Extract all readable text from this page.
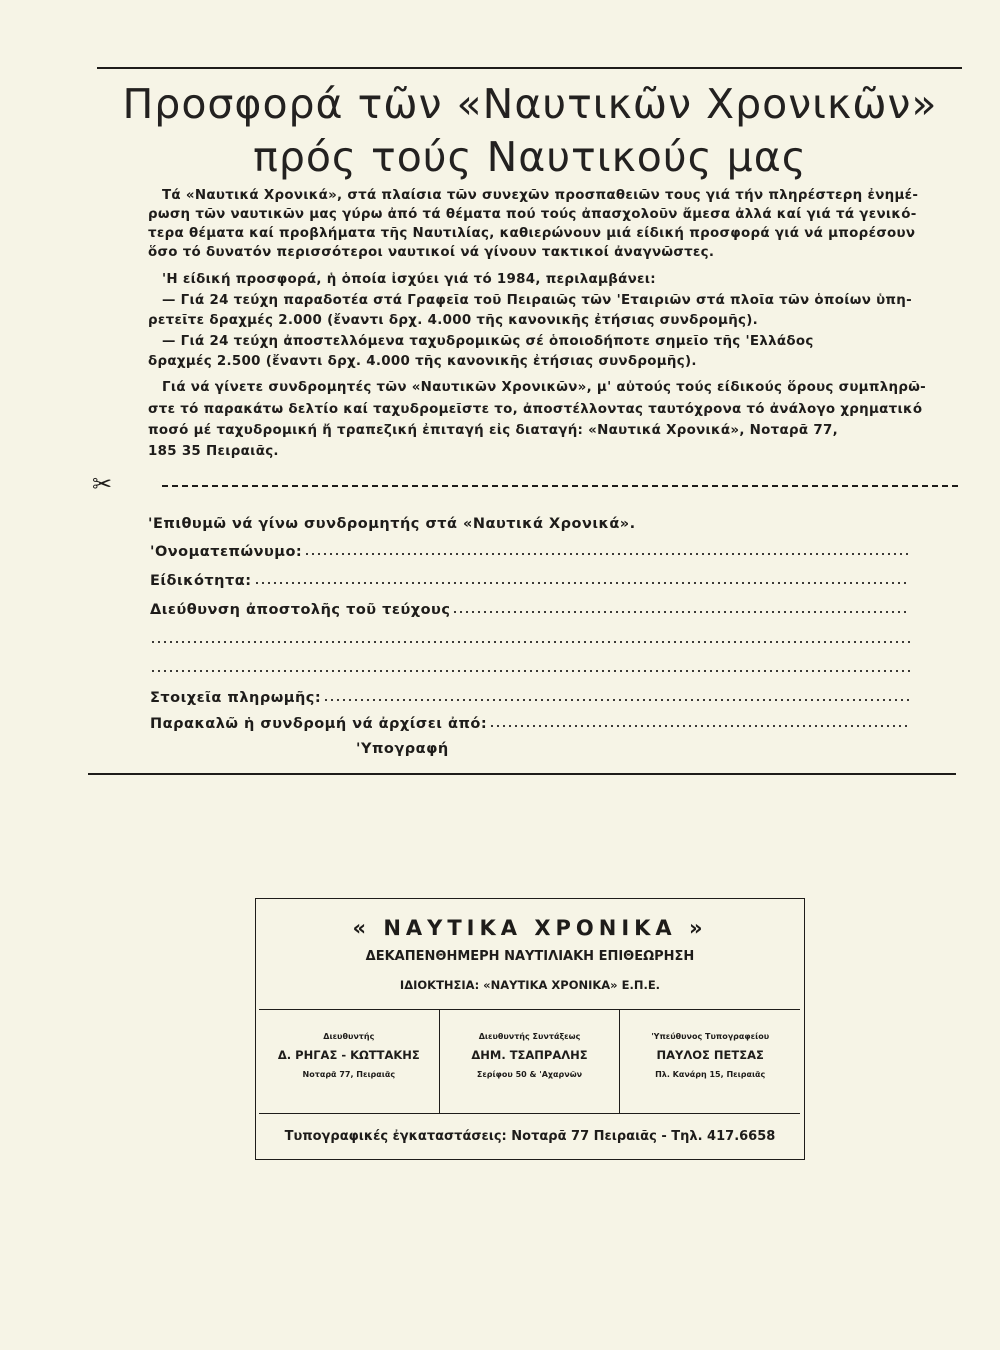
Προσφορά τῶν «Ναυτικῶν Χρονικῶν»
πρός τούς Ναυτικούς μας
Τά «Ναυτικά Χρονικά», στά πλαίσια τῶν συνεχῶν προσπαθειῶν τους γιά τήν πληρέστερη ἐνημέ-
ρωση τῶν ναυτικῶν μας γύρω ἀπό τά θέματα πού τούς ἀπασχολοῦν ἄμεσα ἀλλά καί γιά τά γενικό-
τερα θέματα καί προβλήματα τῆς Ναυτιλίας, καθιερώνουν μιά είδική προσφορά γιά νά μπορέσουν
ὅσο τό δυνατόν περισσότεροι ναυτικοί νά γίνουν τακτικοί ἀναγνῶστες.
'Η είδική προσφορά, ἡ ὁποία ἰσχύει γιά τό 1984, περιλαμβάνει:
— Γιά 24 τεύχη παραδοτέα στά Γραφεῖα τοῦ Πειραιῶς τῶν 'Εταιριῶν στά πλοῖα τῶν ὁποίων ὑπη-
ρετεῖτε δραχμές 2.000 (ἔναντι δρχ. 4.000 τῆς κανονικῆς ἐτήσιας συνδρομῆς).
— Γιά 24 τεύχη ἀποστελλόμενα ταχυδρομικῶς σέ ὁποιοδήποτε σημεῖο τῆς 'Ελλάδος
δραχμές 2.500 (ἔναντι δρχ. 4.000 τῆς κανονικῆς ἐτήσιας συνδρομῆς).
Γιά νά γίνετε συνδρομητές τῶν «Ναυτικῶν Χρονικῶν», μ' αὐτούς τούς είδικούς ὅρους συμπληρῶ-
στε τό παρακάτω δελτίο καί ταχυδρομεῖστε το, ἀποστέλλοντας ταυτόχρονα τό ἀνάλογο χρηματικό
ποσό μέ ταχυδρομική ἤ τραπεζική ἐπιταγή εἰς διαταγή: «Ναυτικά Χρονικά», Νοταρᾶ 77,
185 35 Πειραιᾶς.
✂
'Επιθυμῶ νά γίνω συνδρομητής στά «Ναυτικά Χρονικά».
'Ονοματεπώνυμο:
Είδικότητα:
Διεύθυνση ἀποστολῆς τοῦ τεύχους
Στοιχεῖα πληρωμῆς:
Παρακαλῶ ἡ συνδρομή νά ἀρχίσει ἀπό:
'Υπογραφή
« ΝΑΥΤΙΚΑ ΧΡΟΝΙΚΑ »
ΔΕΚΑΠΕΝΘΗΜΕΡΗ ΝΑΥΤΙΛΙΑΚΗ ΕΠΙΘΕΩΡΗΣΗ
ΙΔΙΟΚΤΗΣΙΑ: «ΝΑΥΤΙΚΑ ΧΡΟΝΙΚΑ» Ε.Π.Ε.
Διευθυντής
Δ. ΡΗΓΑΣ - ΚΩΤΤΑΚΗΣ
Νοταρᾶ 77, Πειραιᾶς
Διευθυντής Συντάξεως
ΔΗΜ. ΤΣΑΠΡΑΛΗΣ
Σερίφου 50 & 'Αχαρνῶν
'Υπεύθυνος Τυπογραφείου
ΠΑΥΛΟΣ ΠΕΤΣΑΣ
Πλ. Κανάρη 15, Πειραιᾶς
Τυπογραφικές ἐγκαταστάσεις: Νοταρᾶ 77 Πειραιᾶς - Τηλ. 417.6658
